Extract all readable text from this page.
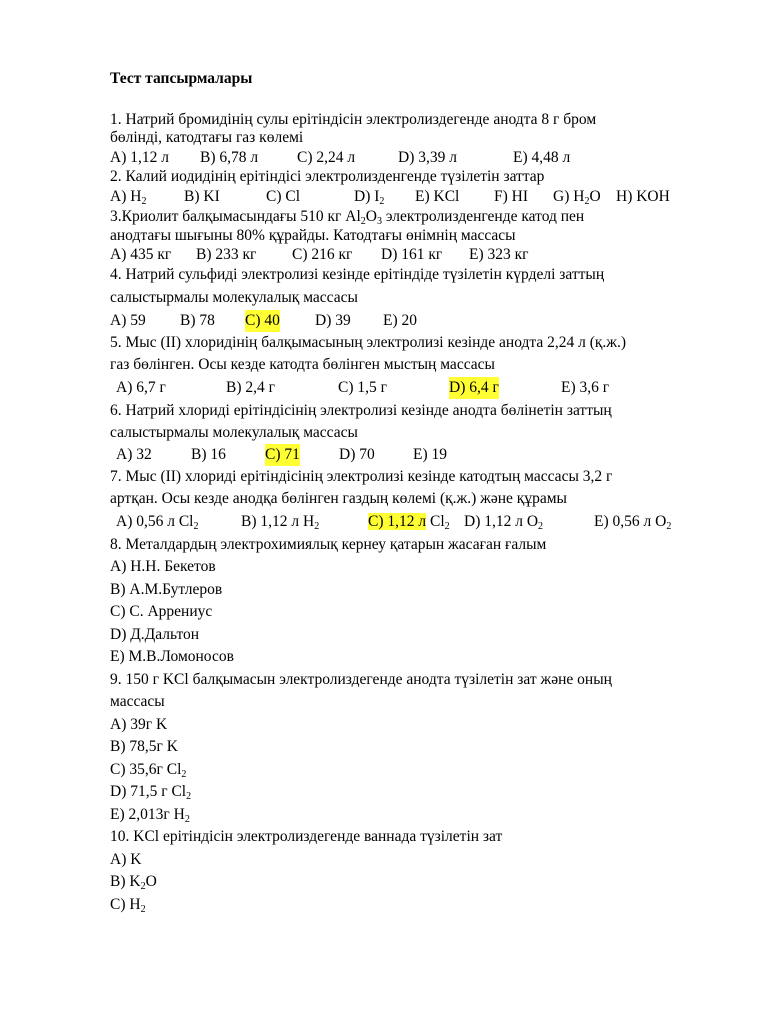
Тест тапсырмалары
1. Натрий бромидінің сулы ерітіндісін электролиздегенде анодта 8 г бром
бөлінді, катодтағы газ көлемі
A) 1,12 л B) 6,78 л	C) 2,24 л	D) 3,39 л	E) 4,48 л
2. Калий иодидінің ерітіндісі электролизденгенде түзілетін заттар
A) $H_2$ B) KI	C) Cl	D) $I_2$ E) KCl F) HI G) $H_2O$ H) KOH
3.Криолит балқымасындағы 510 кг $Al_2O_3$ электролизденгенде катод пен
анодтағы шығыны 80% құрайды. Катодтағы өнімнің массасы
A) 435 кг B) 233 кг C) 216 кг D) 161 кг E) 323 кг
4. Натрий сульфиді электролизі кезінде ерітіндіде түзілетін күрделі заттың
салыстырмалы молекулалық массасы
A) 59 B) 78 C) 40 D) 39 E) 20
5. Мыс (II) хлоридінің балқымасының электролизі кезінде анодта 2,24 л (қ.ж.)
газ бөлінген. Осы кезде катодта бөлінген мыстың массасы
A) 6,7 г	B) 2,4 г	C) 1,5 г	D) 6,4 г	E) 3,6 г
6. Натрий хлориді ерітіндісінің электролизі кезінде анодта бөлінетін заттың
салыстырмалы молекулалық массасы
A) 32	B) 16	C) 71	D) 70 E) 19
7. Мыс (II) хлориді ерітіндісінің электролизі кезінде катодтың массасы 3,2 г
артқан. Осы кезде анодқа бөлінген газдың көлемі (қ.ж.) және құрамы
A) 0,56 л $Cl_2$	B) 1,12 л $H_2$	C) 1,12 л $Cl_2$ D) 1,12 л $O_2$	E) 0,56 л $O_2$
8. Металдардың электрохимиялық кернеу қатарын жасаған ғалым
A) Н.Н. Бекетов
B) А.М.Бутлеров
C) С. Аррениус
D) Д.Дальтон
E) М.В.Ломоносов
9. 150 г KCl балқымасын электролиздегенде анодта түзілетін зат және оның
массасы
A) 39г K
B) 78,5г K
C) 35,6г $Cl_2$
D) 71,5 г $Cl_2$
E) 2,013г $H_2$
10. KCl ерітіндісін электролиздегенде ваннада түзілетін зат
A) K
B) $K_2O$
C) $H_2$
